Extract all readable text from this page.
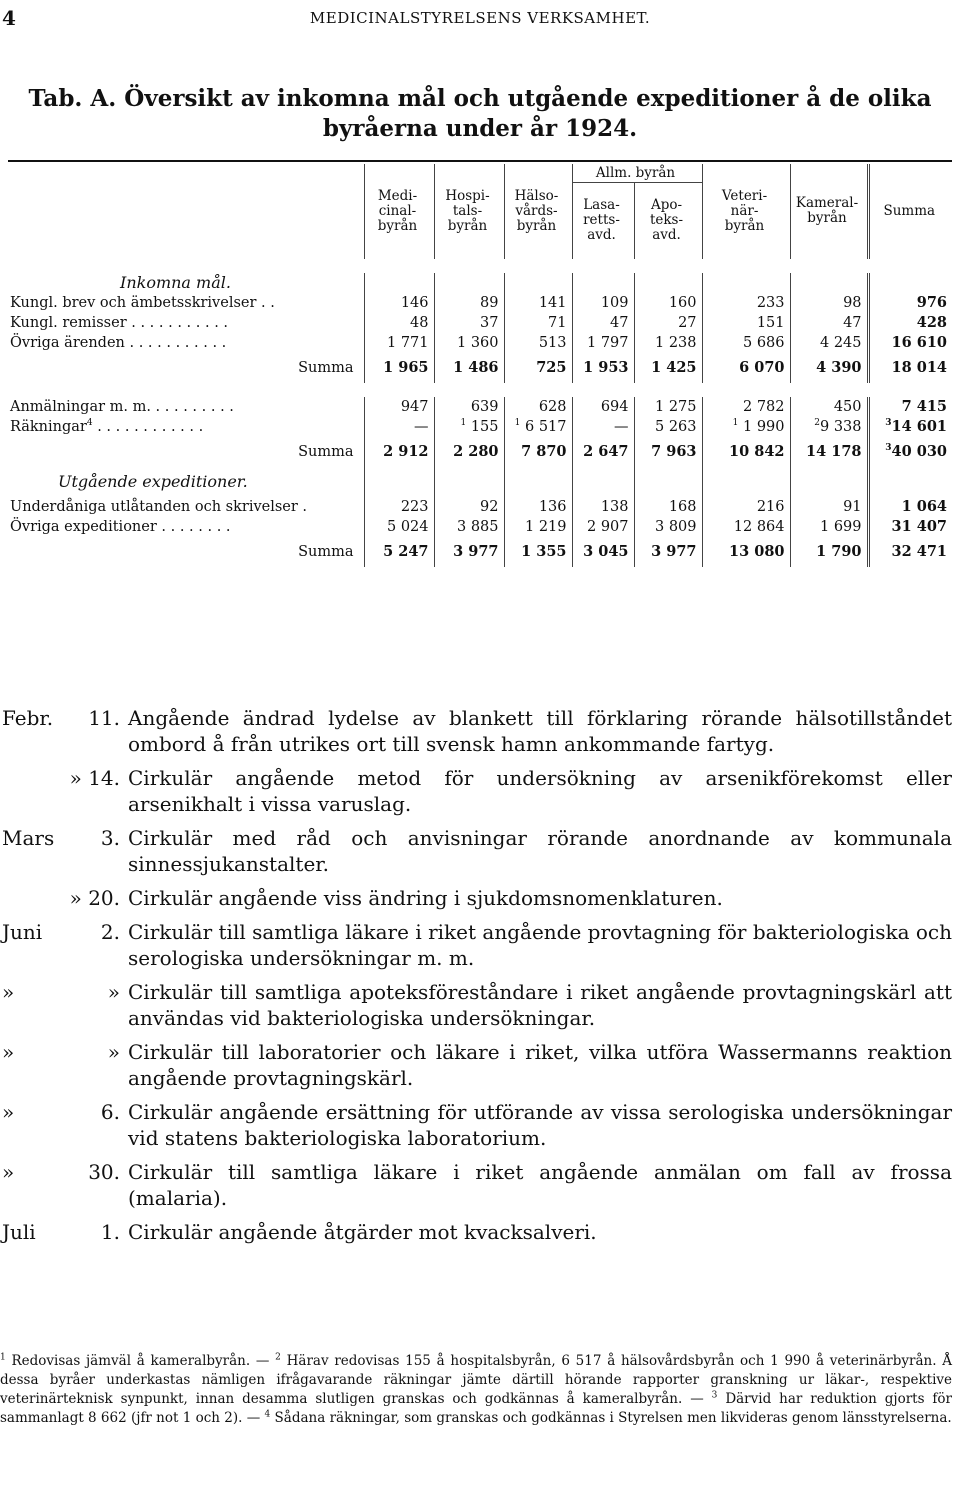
4	MEDICINALSTYRELSENS VERKSAMHET.
Tab. A. Översikt av inkomna mål och utgående expeditioner å de olika
byråerna under år 1924.
	Medi-
cinal-
byrån	Hospi-
tals-
byrån	Hälso-
vårds-
byrån	Allm. byrån		Veteri-
när-
byrån	Kameral-
byrån	Summa
				Lasa-
retts-
avd.	Apo-
teks-
avd.			

Inkomna mål.								
Kungl. brev och ämbetsskrivelser . .	146	89	141	109	160	233	98	976
Kungl. remisser . . . . . . . . . . .	48	37	71	47	27	151	47	428
Övriga ärenden . . . . . . . . . . .	1 771	1 360	513	1 797	1 238	5 686	4 245	16 610
Summa	1 965	1 486	725	1 953	1 425	6 070	4 390	18 014

Anmälningar m. m. . . . . . . . . .	947	639	628	694	1 275	2 782	450	7 415
Räkningar$^4$ . . . . . . . . . . . .	—	$^1$ 155	$^1$ 6 517	—	5 263	$^1$ 1 990	$^2$9 338	$^3$14 601
Summa	2 912	2 280	7 870	2 647	7 963	10 842	14 178	$^3$40 030
Utgående expeditioner.								
Underdåniga utlåtanden och skrivelser .	223	92	136	138	168	216	91	1 064
Övriga expeditioner . . . . . . . .	5 024	3 885	1 219	2 907	3 809	12 864	1 699	31 407
Summa	5 247	3 977	1 355	3 045	3 977	13 080	1 790	32 471
Febr.	11. Angående ändrad lydelse av blankett till förklaring rörande hälsotillståndet ombord å från utrikes ort till svensk hamn ankommande fartyg.
» 14. Cirkulär angående metod för undersökning av arsenikförekomst eller arsenikhalt i vissa varuslag.
Mars	3. Cirkulär med råd och anvisningar rörande anordnande av kommunala sinnessjukanstalter.
» 20. Cirkulär angående viss ändring i sjukdomsnomenklaturen.
Juni	2. Cirkulär till samtliga läkare i riket angående provtagning för bakteriologiska och serologiska undersökningar m. m.
»	» Cirkulär till samtliga apoteksföreståndare i riket angående provtagningskärl att användas vid bakteriologiska undersökningar.
»	» Cirkulär till laboratorier och läkare i riket, vilka utföra Wassermanns reaktion angående provtagningskärl.
»	6. Cirkulär angående ersättning för utförande av vissa serologiska undersökningar vid statens bakteriologiska laboratorium.
»	30. Cirkulär till samtliga läkare i riket angående anmälan om fall av frossa (malaria).
Juli	1. Cirkulär angående åtgärder mot kvacksalveri.
$^1$ Redovisas jämväl å kameralbyrån. — $^2$ Härav redovisas 155 å hospitalsbyrån, 6 517 å hälsovårdsbyrån och 1 990 å veterinärbyrån. Å dessa byråer underkastas nämligen ifrågavarande räkningar jämte därtill hörande rapporter granskning ur läkar-, respektive veterinärteknisk synpunkt, innan desamma slutligen granskas och godkännas å kameralbyrån. — $^3$ Därvid har reduktion gjorts för sammanlagt 8 662 (jfr not 1 och 2). — $^4$ Sådana räkningar, som granskas och godkännas i Styrelsen men likvideras genom länsstyrelserna.
